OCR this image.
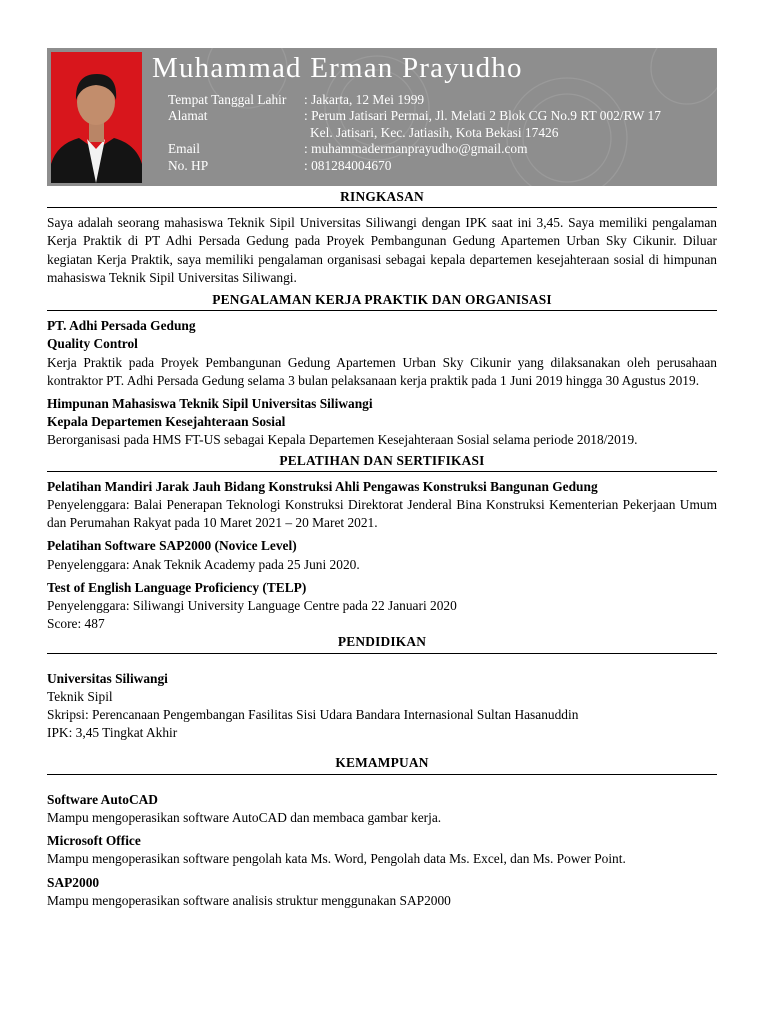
Muhammad Erman Prayudho
Tempat Tanggal Lahir	: Jakarta, 12 Mei 1999
Alamat	: Perum Jatisari Permai, Jl. Melati 2 Blok CG No.9 RT 002/RW 17
Kel. Jatisari, Kec. Jatiasih, Kota Bekasi 17426
Email	: muhammadermanprayudho@gmail.com
No. HP	: 081284004670
RINGKASAN
Saya adalah seorang mahasiswa Teknik Sipil Universitas Siliwangi dengan IPK saat ini 3,45. Saya memiliki pengalaman Kerja Praktik di PT Adhi Persada Gedung pada Proyek Pembangunan Gedung Apartemen Urban Sky Cikunir. Diluar kegiatan Kerja Praktik, saya memiliki pengalaman organisasi sebagai kepala departemen kesejahteraan sosial di himpunan mahasiswa Teknik Sipil Universitas Siliwangi.
PENGALAMAN KERJA PRAKTIK DAN ORGANISASI
PT. Adhi Persada Gedung
Quality Control
Kerja Praktik pada Proyek Pembangunan Gedung Apartemen Urban Sky Cikunir yang dilaksanakan oleh perusahaan kontraktor PT. Adhi Persada Gedung selama 3 bulan pelaksanaan kerja praktik pada 1 Juni 2019 hingga 30 Agustus 2019.
Himpunan Mahasiswa Teknik Sipil Universitas Siliwangi
Kepala Departemen Kesejahteraan Sosial
Berorganisasi pada HMS FT-US sebagai Kepala Departemen Kesejahteraan Sosial selama periode 2018/2019.
PELATIHAN DAN SERTIFIKASI
Pelatihan Mandiri Jarak Jauh Bidang Konstruksi Ahli Pengawas Konstruksi Bangunan Gedung
Penyelenggara: Balai Penerapan Teknologi Konstruksi Direktorat Jenderal Bina Konstruksi Kementerian Pekerjaan Umum dan Perumahan Rakyat pada 10 Maret 2021 – 20 Maret 2021.
Pelatihan Software SAP2000 (Novice Level)
Penyelenggara: Anak Teknik Academy pada 25 Juni 2020.
Test of English Language Proficiency (TELP)
Penyelenggara: Siliwangi University Language Centre pada 22 Januari 2020
Score: 487
PENDIDIKAN
Universitas Siliwangi
Teknik Sipil
Skripsi: Perencanaan Pengembangan Fasilitas Sisi Udara Bandara Internasional Sultan Hasanuddin
IPK: 3,45 Tingkat Akhir
KEMAMPUAN
Software AutoCAD
Mampu mengoperasikan software AutoCAD dan membaca gambar kerja.
Microsoft Office
Mampu mengoperasikan software pengolah kata Ms. Word, Pengolah data Ms. Excel, dan Ms. Power Point.
SAP2000
Mampu mengoperasikan software analisis struktur menggunakan SAP2000
